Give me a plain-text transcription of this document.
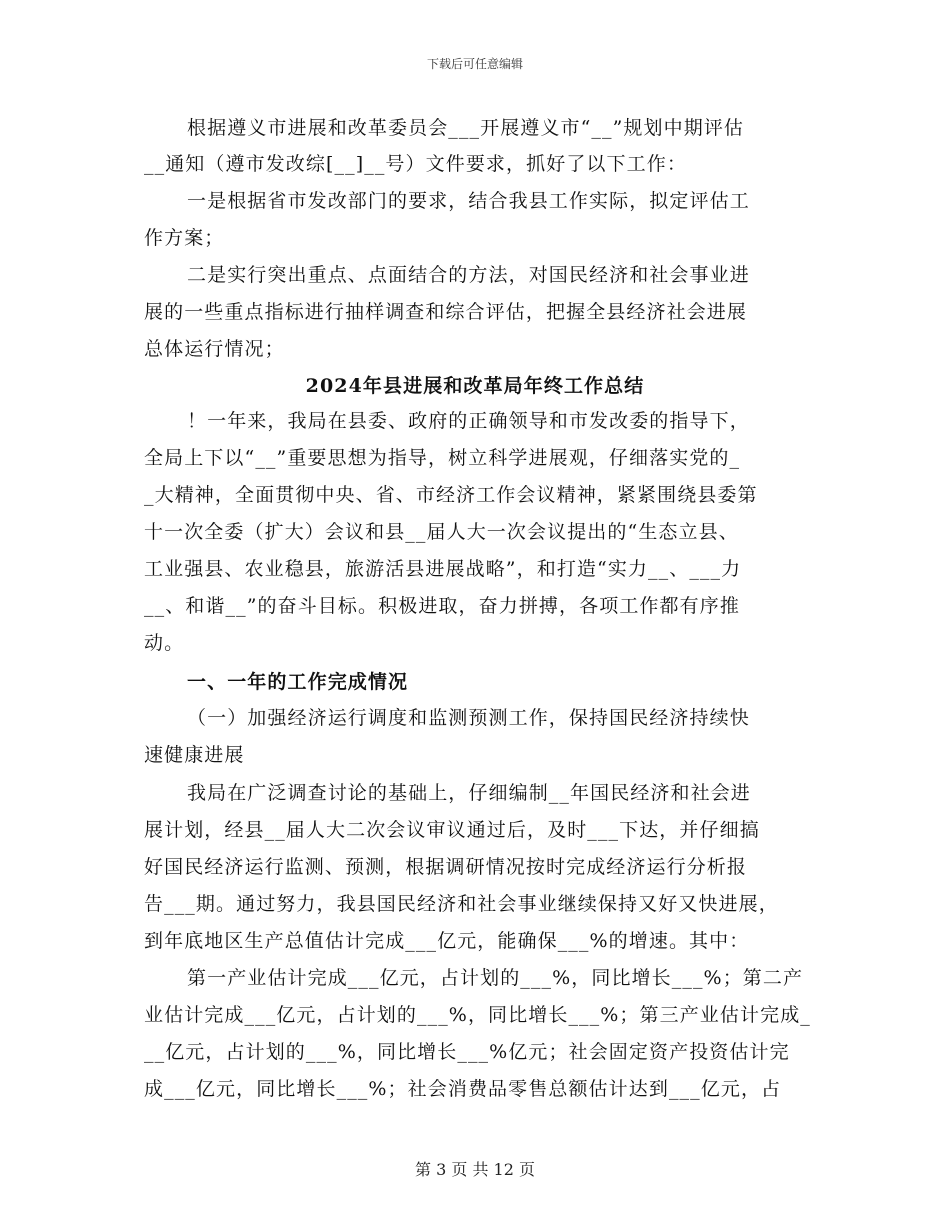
下载后可任意编辑
根据遵义市进展和改革委员会___开展遵义市“__”规划中期评估
__通知（遵市发改综[__]__号）文件要求，抓好了以下工作：
一是根据省市发改部门的要求，结合我县工作实际，拟定评估工
作方案；
二是实行突出重点、点面结合的方法，对国民经济和社会事业进
展的一些重点指标进行抽样调查和综合评估，把握全县经济社会进展
总体运行情况；
2024年县进展和改革局年终工作总结
！一年来，我局在县委、政府的正确领导和市发改委的指导下，
全局上下以“__”重要思想为指导，树立科学进展观，仔细落实党的_
_大精神，全面贯彻中央、省、市经济工作会议精神，紧紧围绕县委第
十一次全委（扩大）会议和县__届人大一次会议提出的“生态立县、
工业强县、农业稳县，旅游活县进展战略”，和打造“实力__、___力
__、和谐__”的奋斗目标。积极进取，奋力拼搏，各项工作都有序推
动。
一、一年的工作完成情况
（一）加强经济运行调度和监测预测工作，保持国民经济持续快
速健康进展
我局在广泛调查讨论的基础上，仔细编制__年国民经济和社会进
展计划，经县__届人大二次会议审议通过后，及时___下达，并仔细搞
好国民经济运行监测、预测，根据调研情况按时完成经济运行分析报
告___期。通过努力，我县国民经济和社会事业继续保持又好又快进展，
到年底地区生产总值估计完成___亿元，能确保___%的增速。其中：
第一产业估计完成___亿元，占计划的___%，同比增长___%；第二产
业估计完成___亿元，占计划的___%，同比增长___%；第三产业估计完成_
__亿元，占计划的___%，同比增长___%亿元；社会固定资产投资估计完
成___亿元，同比增长___%；社会消费品零售总额估计达到___亿元，占
第 3 页 共 12 页
